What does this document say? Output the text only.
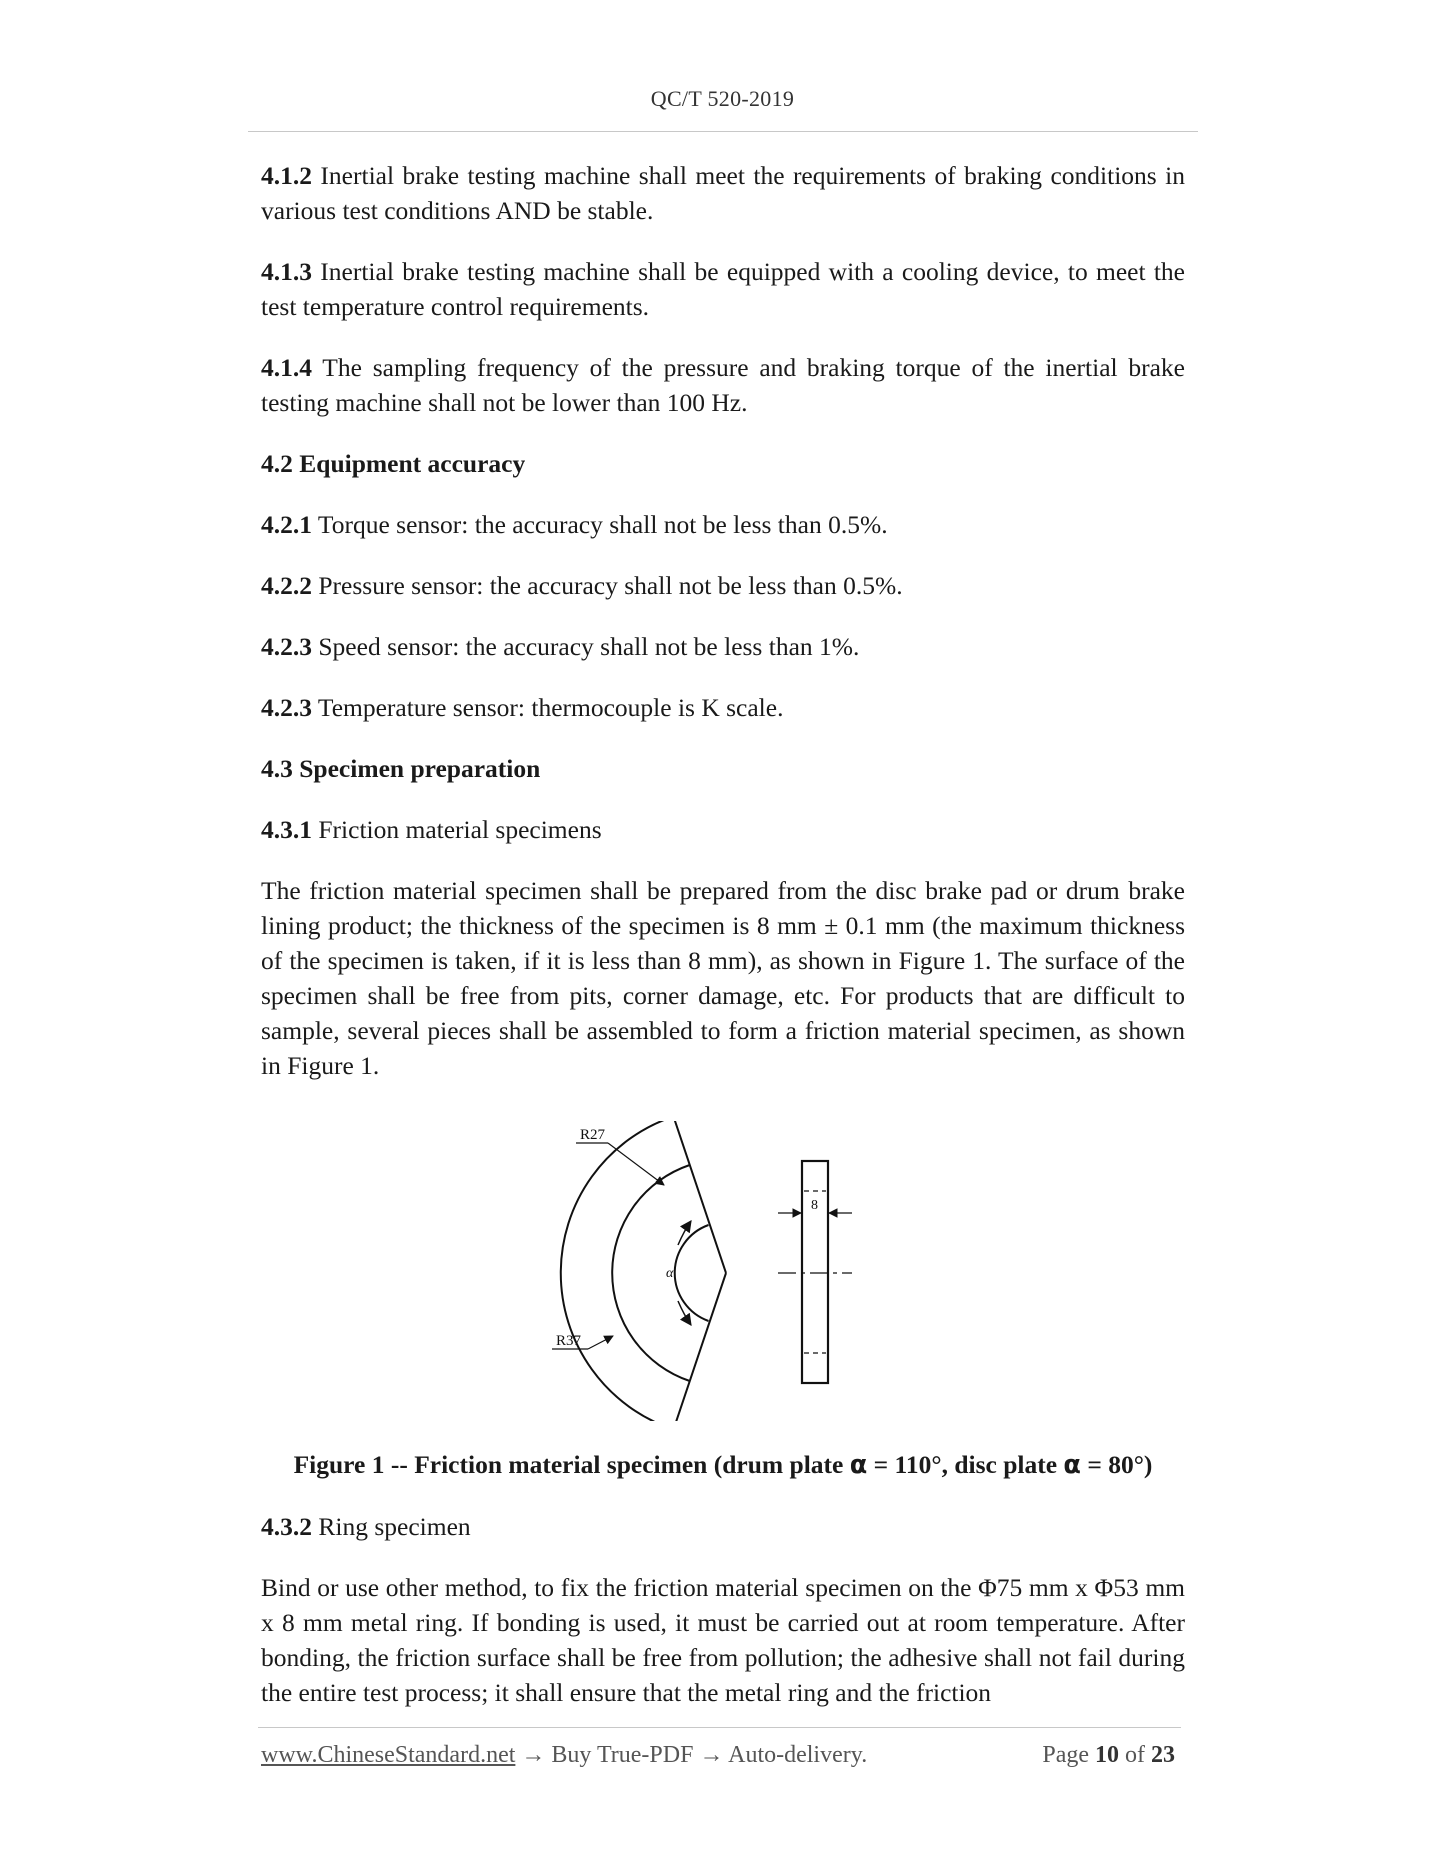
QC/T 520-2019

4.1.2 Inertial brake testing machine shall meet the requirements of braking conditions in various test conditions AND be stable.

4.1.3 Inertial brake testing machine shall be equipped with a cooling device, to meet the test temperature control requirements.

4.1.4 The sampling frequency of the pressure and braking torque of the inertial brake testing machine shall not be lower than 100 Hz.

4.2 Equipment accuracy

4.2.1 Torque sensor: the accuracy shall not be less than 0.5%.

4.2.2 Pressure sensor: the accuracy shall not be less than 0.5%.

4.2.3 Speed sensor: the accuracy shall not be less than 1%.

4.2.3 Temperature sensor: thermocouple is K scale.

4.3 Specimen preparation

4.3.1 Friction material specimens

The friction material specimen shall be prepared from the disc brake pad or drum brake lining product; the thickness of the specimen is 8 mm ± 0.1 mm (the maximum thickness of the specimen is taken, if it is less than 8 mm), as shown in Figure 1. The surface of the specimen shall be free from pits, corner damage, etc. For products that are difficult to sample, several pieces shall be assembled to form a friction material specimen, as shown in Figure 1.

R27
R37
α
8

Figure 1 -- Friction material specimen (drum plate α = 110°, disc plate α = 80°)

4.3.2 Ring specimen

Bind or use other method, to fix the friction material specimen on the Φ75 mm x Φ53 mm x 8 mm metal ring. If bonding is used, it must be carried out at room temperature. After bonding, the friction surface shall be free from pollution; the adhesive shall not fail during the entire test process; it shall ensure that the metal ring and the friction

www.ChineseStandard.net → Buy True-PDF → Auto-delivery.	Page 10 of 23
